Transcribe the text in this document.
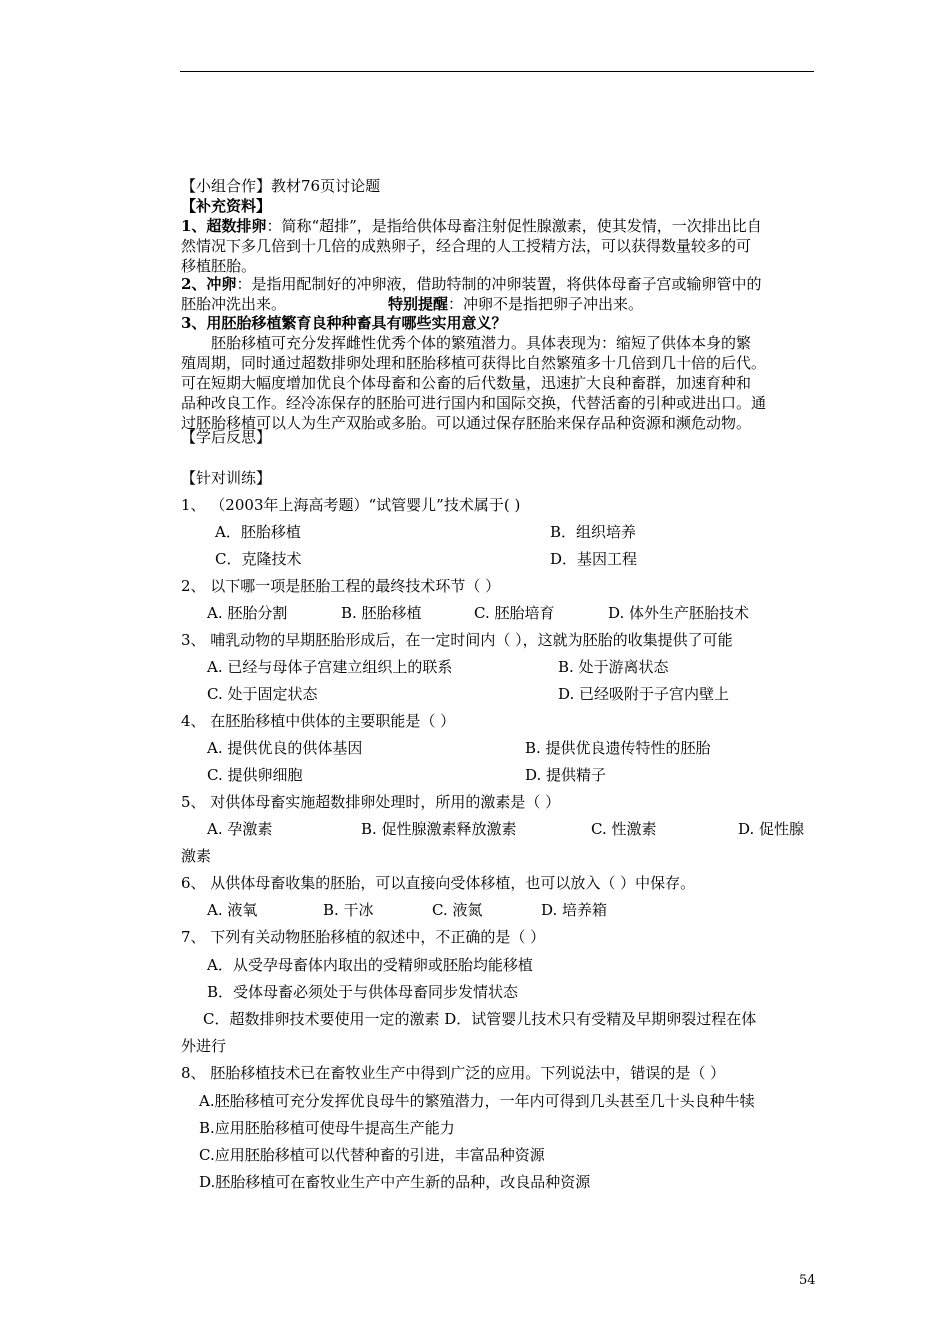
【小组合作】教材76页讨论题
【补充资料】
1、超数排卵：简称“超排”，是指给供体母畜注射促性腺激素，使其发情，一次排出比自
然情况下多几倍到十几倍的成熟卵子，经合理的人工授精方法，可以获得数量较多的可
移植胚胎。
2、冲卵：是指用配制好的冲卵液，借助特制的冲卵装置，将供体母畜子宫或输卵管中的
胚胎冲洗出来。	特别提醒：冲卵不是指把卵子冲出来。
3、用胚胎移植繁育良种种畜具有哪些实用意义？
胚胎移植可充分发挥雌性优秀个体的繁殖潜力。具体表现为：缩短了供体本身的繁
殖周期，同时通过超数排卵处理和胚胎移植可获得比自然繁殖多十几倍到几十倍的后代。
可在短期大幅度增加优良个体母畜和公畜的后代数量，迅速扩大良种畜群，加速育种和
品种改良工作。经冷冻保存的胚胎可进行国内和国际交换，代替活畜的引种或进出口。通
过胚胎移植可以人为生产双胎或多胎。可以通过保存胚胎来保存品种资源和濒危动物。
【学后反思】
【针对训练】
1、 （2003年上海高考题）“试管婴儿”技术属于( )
A．胚胎移植	B．组织培养
C．克隆技术	D．基因工程
2、 以下哪一项是胚胎工程的最终技术环节（ ）
A. 胚胎分割	B. 胚胎移植	C. 胚胎培育	D. 体外生产胚胎技术
3、 哺乳动物的早期胚胎形成后，在一定时间内（ ），这就为胚胎的收集提供了可能
A. 已经与母体子宫建立组织上的联系	B. 处于游离状态
C. 处于固定状态	D. 已经吸附于子宫内壁上
4、 在胚胎移植中供体的主要职能是（ ）
A. 提供优良的供体基因	B. 提供优良遗传特性的胚胎
C. 提供卵细胞	D. 提供精子
5、 对供体母畜实施超数排卵处理时，所用的激素是（ ）
A. 孕激素	B. 促性腺激素释放激素	C. 性激素	D. 促性腺
激素
6、 从供体母畜收集的胚胎，可以直接向受体移植，也可以放入（ ）中保存。
A. 液氧	B. 干冰	C. 液氮	D. 培养箱
7、 下列有关动物胚胎移植的叙述中，不正确的是（ ）
A．从受孕母畜体内取出的受精卵或胚胎均能移植
B．受体母畜必须处于与供体母畜同步发情状态
C．超数排卵技术要使用一定的激素 D．试管婴儿技术只有受精及早期卵裂过程在体
外进行
8、 胚胎移植技术已在畜牧业生产中得到广泛的应用。下列说法中，错误的是（ ）
A.胚胎移植可充分发挥优良母牛的繁殖潜力，一年内可得到几头甚至几十头良种牛犊
B.应用胚胎移植可使母牛提高生产能力
C.应用胚胎移植可以代替种畜的引进，丰富品种资源
D.胚胎移植可在畜牧业生产中产生新的品种，改良品种资源
54
